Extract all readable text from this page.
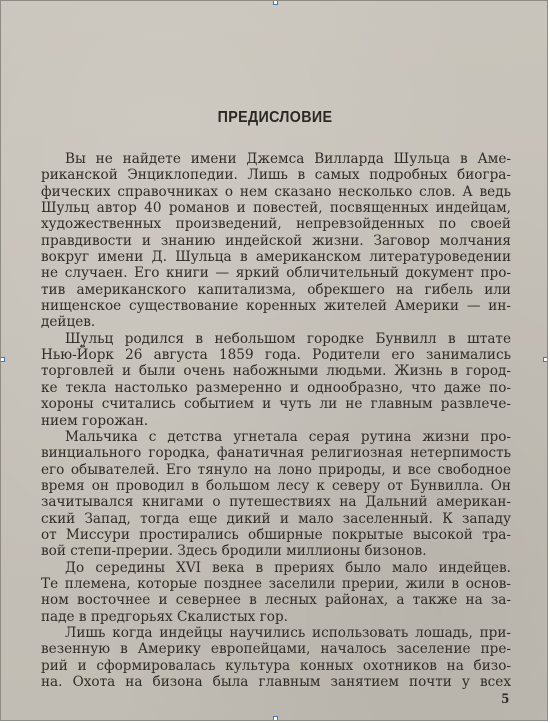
ПРЕДИСЛОВИЕ

Вы не найдете имени Джемса Вилларда Шульца в Аме-
риканской Энциклопедии. Лишь в самых подробных биогра-
фических справочниках о нем сказано несколько слов. А ведь
Шульц автор 40 романов и повестей, посвященных индейцам,
художественных произведений, непревзойденных по своей
правдивости и знанию индейской жизни. Заговор молчания
вокруг имени Д. Шульца в американском литературоведении
не случаен. Его книги — яркий обличительный документ про-
тив американского капитализма, обрекшего на гибель или
нищенское существование коренных жителей Америки — ин-
дейцев.

Шульц родился в небольшом городке Бунвилл в штате
Нью-Йорк 26 августа 1859 года. Родители его занимались
торговлей и были очень набожными людьми. Жизнь в город-
ке текла настолько размеренно и однообразно, что даже по-
хороны считались событием и чуть ли не главным развлече-
нием горожан.

Мальчика с детства угнетала серая рутина жизни про-
винциального городка, фанатичная религиозная нетерпимость
его обывателей. Его тянуло на лоно природы, и все свободное
время он проводил в большом лесу к северу от Бунвилла. Он
зачитывался книгами о путешествиях на Дальний американ-
ский Запад, тогда еще дикий и мало заселенный. К западу
от Миссури простирались обширные покрытые высокой тра-
вой степи-прерии. Здесь бродили миллионы бизонов.

До середины XVI века в прериях было мало индейцев.
Те племена, которые позднее заселили прерии, жили в основ-
ном восточнее и севернее в лесных районах, а также на за-
паде в предгорьях Скалистых гор.

Лишь когда индейцы научились использовать лошадь, при-
везенную в Америку европейцами, началось заселение пре-
рий и сформировалась культура конных охотников на бизо-
на. Охота на бизона была главным занятием почти у всех

5
